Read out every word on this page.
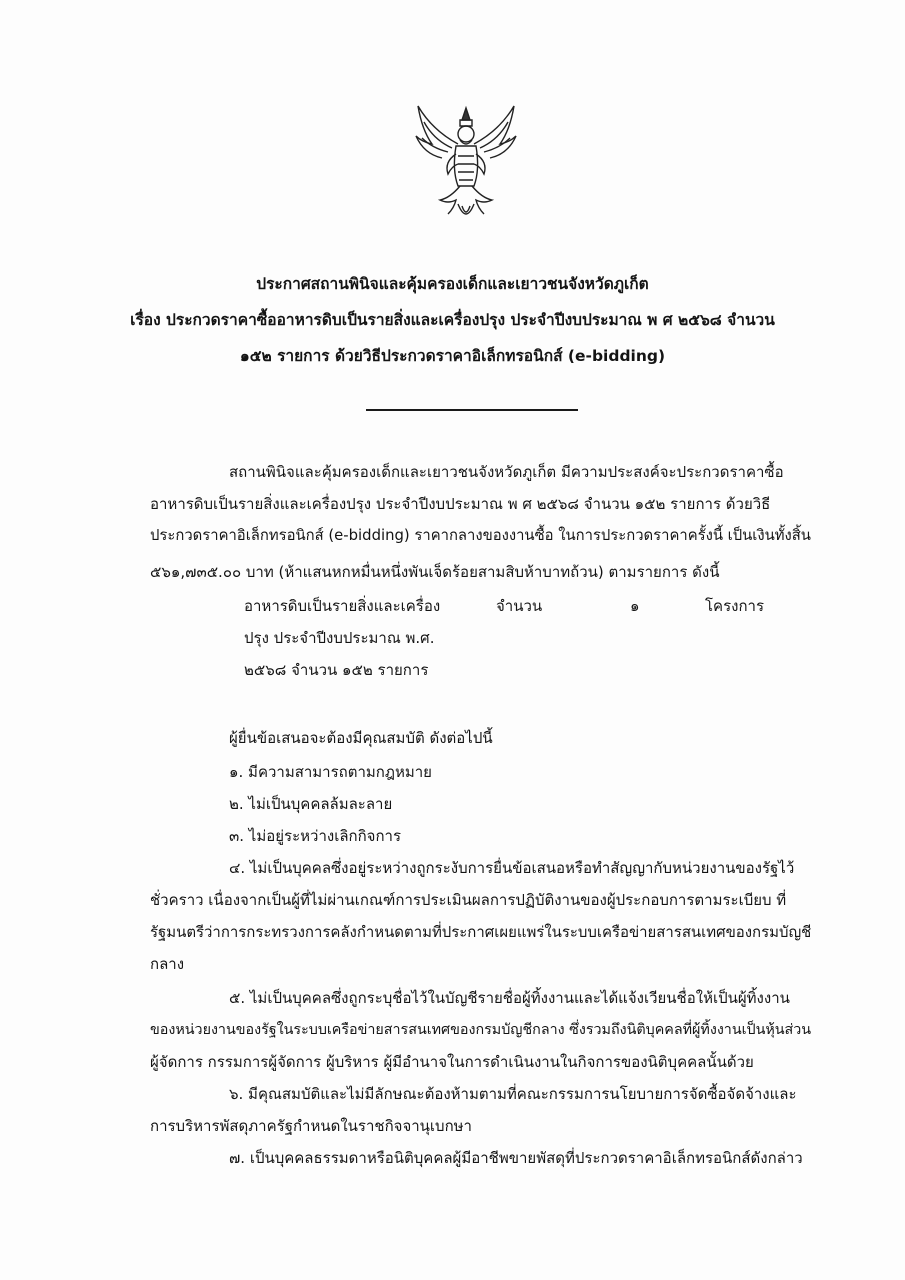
ประกาศสถานพินิจและคุ้มครองเด็กและเยาวชนจังหวัดภูเก็ต
เรื่อง ประกวดราคาซื้ออาหารดิบเป็นรายสิ่งและเครื่องปรุง ประจำปีงบประมาณ พ ศ ๒๕๖๘ จำนวน
๑๕๒ รายการ ด้วยวิธีประกวดราคาอิเล็กทรอนิกส์ (e-bidding)
สถานพินิจและคุ้มครองเด็กและเยาวชนจังหวัดภูเก็ต มีความประสงค์จะประกวดราคาซื้อ
อาหารดิบเป็นรายสิ่งและเครื่องปรุง ประจำปีงบประมาณ พ ศ ๒๕๖๘ จำนวน ๑๕๒ รายการ ด้วยวิธี
ประกวดราคาอิเล็กทรอนิกส์ (e-bidding) ราคากลางของงานซื้อ ในการประกวดราคาครั้งนี้ เป็นเงินทั้งสิ้น
๕๖๑,๗๓๕.๐๐ บาท (ห้าแสนหกหมื่นหนึ่งพันเจ็ดร้อยสามสิบห้าบาทถ้วน) ตามรายการ ดังนี้
อาหารดิบเป็นรายสิ่งและเครื่อง
ปรุง ประจำปีงบประมาณ พ.ศ.
๒๕๖๘ จำนวน ๑๕๒ รายการ
จำนวน	๑	โครงการ
ผู้ยื่นข้อเสนอจะต้องมีคุณสมบัติ ดังต่อไปนี้
๑. มีความสามารถตามกฎหมาย
๒. ไม่เป็นบุคคลล้มละลาย
๓. ไม่อยู่ระหว่างเลิกกิจการ
๔. ไม่เป็นบุคคลซึ่งอยู่ระหว่างถูกระงับการยื่นข้อเสนอหรือทำสัญญากับหน่วยงานของรัฐไว้
ชั่วคราว เนื่องจากเป็นผู้ที่ไม่ผ่านเกณฑ์การประเมินผลการปฏิบัติงานของผู้ประกอบการตามระเบียบ ที่
รัฐมนตรีว่าการกระทรวงการคลังกำหนดตามที่ประกาศเผยแพร่ในระบบเครือข่ายสารสนเทศของกรมบัญชี
กลาง
๕. ไม่เป็นบุคคลซึ่งถูกระบุชื่อไว้ในบัญชีรายชื่อผู้ทิ้งงานและได้แจ้งเวียนชื่อให้เป็นผู้ทิ้งงาน
ของหน่วยงานของรัฐในระบบเครือข่ายสารสนเทศของกรมบัญชีกลาง ซึ่งรวมถึงนิติบุคคลที่ผู้ทิ้งงานเป็นหุ้นส่วน
ผู้จัดการ กรรมการผู้จัดการ ผู้บริหาร ผู้มีอำนาจในการดำเนินงานในกิจการของนิติบุคคลนั้นด้วย
๖. มีคุณสมบัติและไม่มีลักษณะต้องห้ามตามที่คณะกรรมการนโยบายการจัดซื้อจัดจ้างและ
การบริหารพัสดุภาครัฐกำหนดในราชกิจจานุเบกษา
๗. เป็นบุคคลธรรมดาหรือนิติบุคคลผู้มีอาชีพขายพัสดุที่ประกวดราคาอิเล็กทรอนิกส์ดังกล่าว
